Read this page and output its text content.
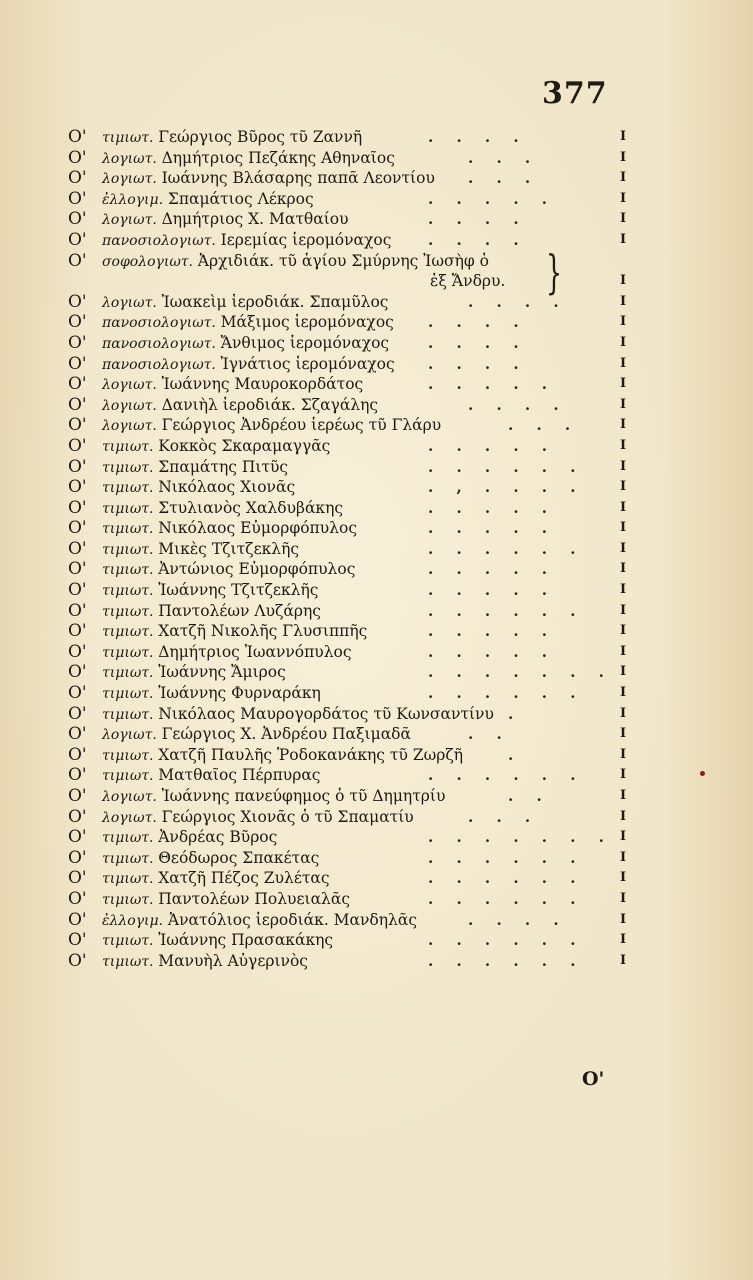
377
Ο' τιμιωτ. Γεώργιος Βῦρος τῦ Ζαννῆ	. . . .	I
Ο' λογιωτ. Δημήτριος Πεζάκης Αθηναῖος	. . .	I
Ο' λογιωτ. Ιωάννης Βλάσαρης παπᾶ Λεοντίου . . .	I
Ο' ἐλλογιμ. Σπαμάτιος Λέκρος	. . . . .	I
Ο' λογιωτ. Δημήτριος Χ. Ματθαίου	. . . .	I
Ο' πανοσιολογιωτ. Ιερεμίας ἱερομόναχος . . . .	I
Ο' σοφολογιωτ. Ἀρχιδιάκ. τῦ ἁγίου Σμύρνης Ἰωσὴφ ὁ
ἐξ Ἄνδρυ. }	I
Ο' λογιωτ. Ἰωακεὶμ ἱεροδιάκ. Σπαμῦλος	. . . .	I
Ο' πανοσιολογιωτ. Μάξιμος ἱερομόναχος . . . .	I
Ο' πανοσιολογιωτ. Ἄνθιμος ἱερομόναχος	. . . .	I
Ο' πανοσιολογιωτ. Ἰγνάτιος ἱερομόναχος . . . .	I
Ο' λογιωτ. Ἰωάννης Μαυροκορδάτος	. . . . .	I
Ο' λογιωτ. Δανιὴλ ἱεροδιάκ. Σζαγάλης	. . . .	I
Ο' λογιωτ. Γεώργιος Ἀνδρέου ἱερέως τῦ Γλάρυ	. . .	I
Ο' τιμιωτ. Κοκκὸς Σκαραμαγγᾶς	. . . . .	I
Ο' τιμιωτ. Σπαμάτης Πιτῦς	. . . . . .	I
Ο' τιμιωτ. Νικόλαος Χιονᾶς	. , . . . .	I
Ο' τιμιωτ. Στυλιανὸς Χαλδυβάκης	. . . . .	I
Ο' τιμιωτ. Νικόλαος Εὐμορφόπυλος	. . . . .	I
Ο' τιμιωτ. Μικὲς Τζιτζεκλῆς	. . . . . .	I
Ο' τιμιωτ. Ἀντώνιος Εὐμορφόπυλος	. . . . .	I
Ο' τιμιωτ. Ἰωάννης Τζιτζεκλῆς	. . . . .	I
Ο' τιμιωτ. Παντολέων Λυζάρης	. . . . . .	I
Ο' τιμιωτ. Χατζῆ Νικολῆς Γλυσιππῆς	. . . . .	I
Ο' τιμιωτ. Δημήτριος Ἰωαννόπυλος	. . . . .	I
Ο' τιμιωτ. Ἰωάννης Ἄμιρος	. . . . . . . I
Ο' τιμιωτ. Ἰωάννης Φυρναράκη	. . . . . .	I
Ο' τιμιωτ. Νικόλαος Μαυρογορδάτος τῦ Κωνσαντίνυ .	I
Ο' λογιωτ. Γεώργιος Χ. Ἀνδρέου Παξιμαδᾶ	. .	I
Ο' τιμιωτ. Χατζῆ Παυλῆς Ῥοδοκανάκης τῦ Ζωρζῆ	.	I
Ο' τιμιωτ. Ματθαῖος Πέρπυρας	. . . . . .	I
Ο' λογιωτ. Ἰωάννης πανεύφημος ὁ τῦ Δημητρίυ	. .	I
Ο' λογιωτ. Γεώργιος Χιονᾶς ὁ τῦ Σπαματίυ	. . .	I
Ο' τιμιωτ. Ἀνδρέας Βῦρος	. . . . . . . I
Ο' τιμιωτ. Θεόδωρος Σπακέτας	. . . . . .	I
Ο' τιμιωτ. Χατζῆ Πέζος Ζυλέτας	. . . . . .	I
Ο' τιμιωτ. Παντολέων Πολυειαλᾶς	. . . . . .	I
Ο' ἐλλογιμ. Ἀνατόλιος ἱεροδιάκ. Μανδηλᾶς	. . . .	I
Ο' τιμιωτ. Ἰωάννης Πρασακάκης	. . . . . .	I
Ο' τιμιωτ. Μανυὴλ Αὐγερινὸς	. . . . . .	I
Ο'
